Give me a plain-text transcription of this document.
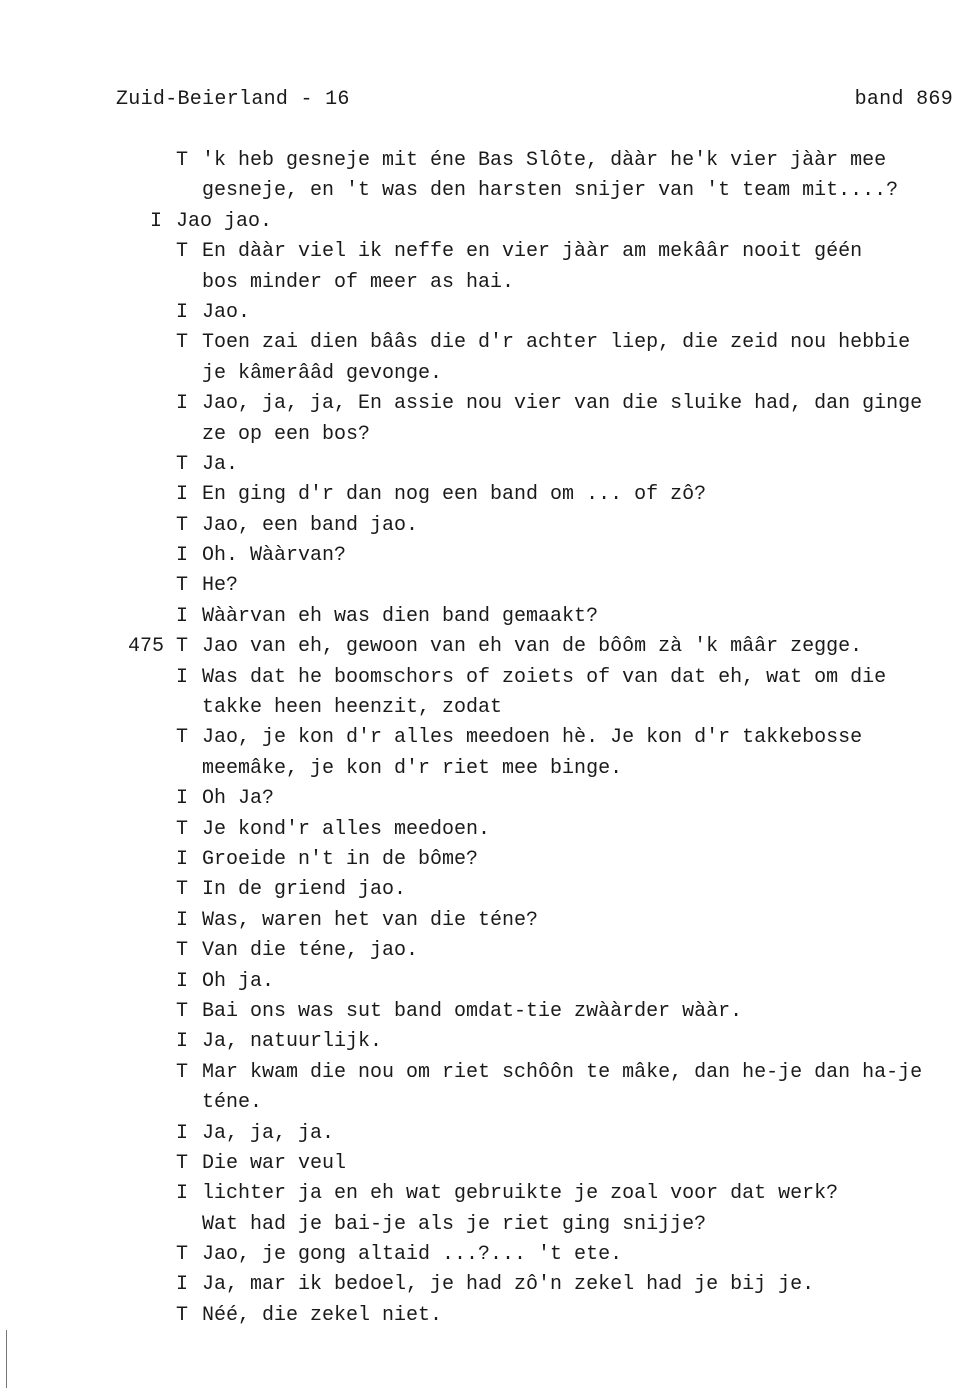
Zuid-Beierland - 16	band 869
T 'k heb gesneje mit éne Bas Slôte, dààr he'k vier jààr mee
gesneje, en 't was den harsten snijer van 't team mit....?
I Jao jao.
T En dààr viel ik neffe en vier jààr am mekââr nooit géén
bos minder of meer as hai.
I Jao.
T Toen zai dien bââs die d'r achter liep, die zeid nou hebbie
je kâmerââd gevonge.
I Jao, ja, ja, En assie nou vier van die sluike had, dan ginge
ze op een bos?
T Ja.
I En ging d'r dan nog een band om ... of zô?
T Jao, een band jao.
I Oh. Wààrvan?
T He?
I Wààrvan eh was dien band gemaakt?
475 T Jao van eh, gewoon van eh van de bôôm zà 'k mââr zegge.
I Was dat he boomschors of zoiets of van dat eh, wat om die
takke heen heenzit, zodat
T Jao, je kon d'r alles meedoen hè. Je kon d'r takkebosse
meemâke, je kon d'r riet mee binge.
I Oh Ja?
T Je kond'r alles meedoen.
I Groeide n't in de bôme?
T In de griend jao.
I Was, waren het van die téne?
T Van die téne, jao.
I Oh ja.
T Bai ons was sut band omdat-tie zwààrder wààr.
I Ja, natuurlijk.
T Mar kwam die nou om riet schôôn te mâke, dan he-je dan ha-je
téne.
I Ja, ja, ja.
T Die war veul
I lichter ja en eh wat gebruikte je zoal voor dat werk?
Wat had je bai-je als je riet ging snijje?
T Jao, je gong altaid ...?... 't ete.
I Ja, mar ik bedoel, je had zô'n zekel had je bij je.
T Néé, die zekel niet.
